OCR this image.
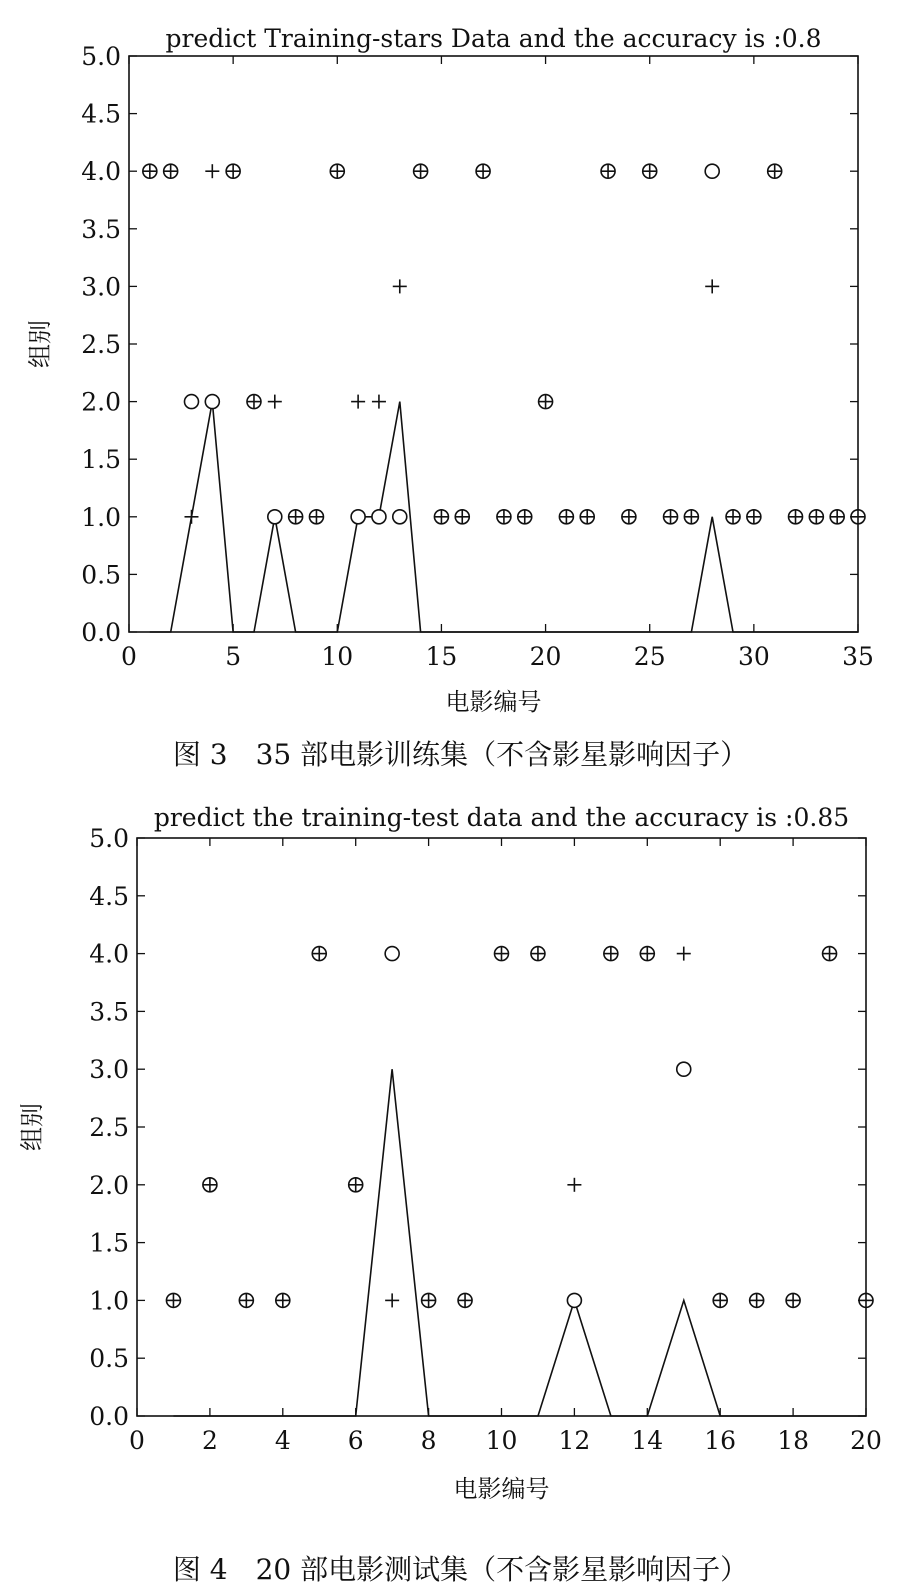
predict Training-stars Data and the accuracy is :0.8
0.0
0.5
1.0
1.5
2.0
2.5
3.0
3.5
4.0
4.5
5.0
0	5	10	15	20	25	30	35
电影编号
组别
predict the training-test data and the accuracy is :0.85
0.0
0.5
1.0
1.5
2.0
2.5
3.0
3.5
4.0
4.5
5.0
0 2 4 6 8 10 12 14 16 18 20
电影编号
组别
图 3　35 部电影训练集（不含影星影响因子）
图 4　20 部电影测试集（不含影星影响因子）
